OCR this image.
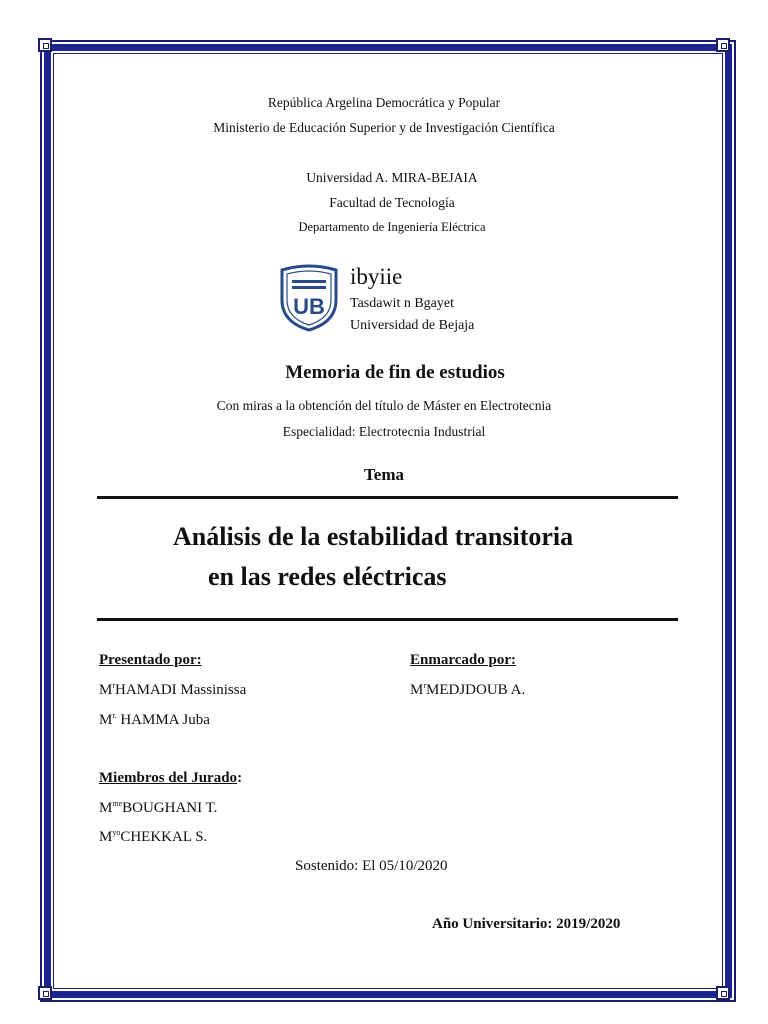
República Argelina Democrática y Popular
Ministerio de Educación Superior y de Investigación Científica
Universidad A. MIRA-BEJAIA
Facultad de Tecnología
Departamento de Ingeniería Eléctrica
UB
ibyiie
Tasdawit n Bgayet
Universidad de Bejaja
Memoria de fin de estudios
Con miras a la obtención del título de Máster en Electrotecnia
Especialidad: Electrotecnia Industrial
Tema
Análisis de la estabilidad transitoria
en las redes eléctricas
Presentado por:
$M^rHAMADI$ Massinissa
$M^{r.}$ HAMMA Juba
Enmarcado por:
$M^rMEDJDOUB$ A.
Miembros del Jurado:
$M^{me}BOUGHANI$ T.
$M^{yo}CHEKKAL$ S.
Sostenido: El 05/10/2020
Año Universitario: 2019/2020
